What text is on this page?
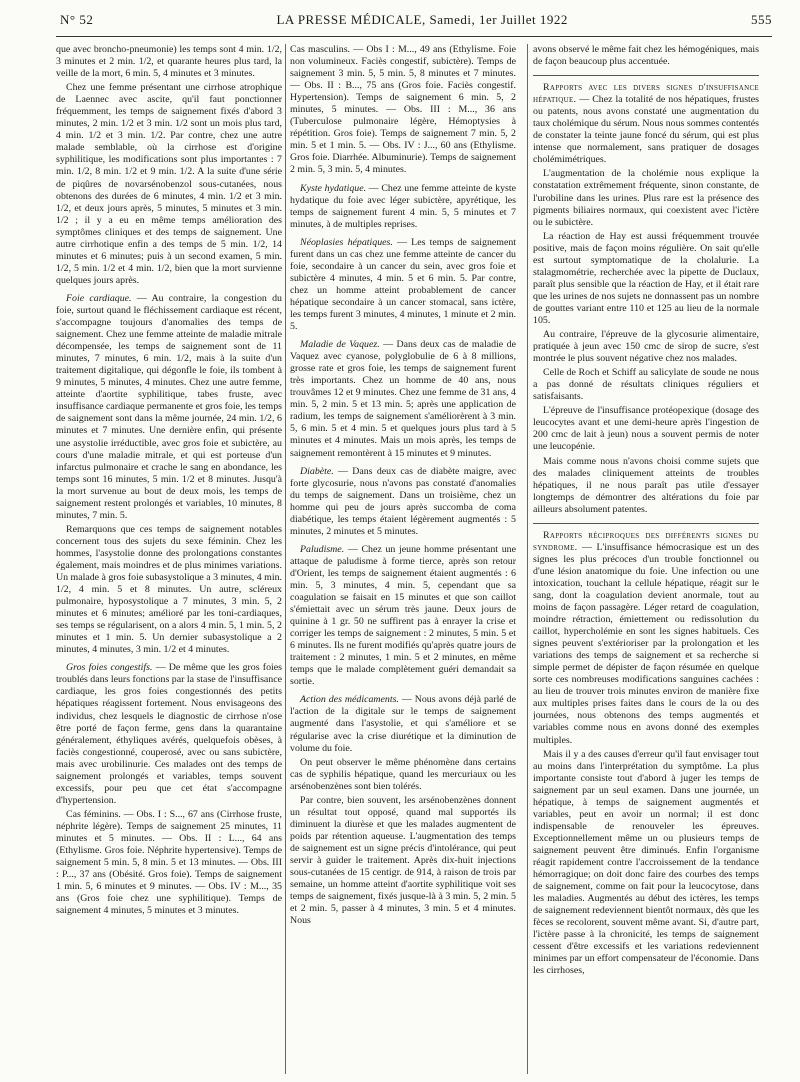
N° 52	LA PRESSE MÉDICALE, Samedi, 1er Juillet 1922	555

que avec broncho-pneumonie) les temps sont 4 min. 1/2, 3 minutes et 2 min. 1/2, et quarante heures plus tard, la veille de la mort, 6 min. 5, 4 minutes et 3 minutes.

Chez une femme présentant une cirrhose atrophique de Laennec avec ascite, qu'il faut ponctionner fréquemment, les temps de saignement fixés d'abord 3 minutes, 2 min. 1/2 et 3 min. 1/2 sont un mois plus tard, 4 min. 1/2 et 3 min. 1/2. Par contre, chez une autre malade semblable, où la cirrhose est d'origine syphilitique, les modifications sont plus importantes : 7 min. 1/2, 8 min. 1/2 et 9 min. 1/2. A la suite d'une série de piqûres de novarsénobenzol sous-cutanées, nous obtenons des durées de 6 minutes, 4 min. 1/2 et 3 min. 1/2, et deux jours après, 5 minutes, 5 minutes et 3 min. 1/2 ; il y a eu en même temps amélioration des symptômes cliniques et des temps de saignement. Une autre cirrhotique enfin a des temps de 5 min. 1/2, 14 minutes et 6 minutes; puis à un second examen, 5 min. 1/2, 5 min. 1/2 et 4 min. 1/2, bien que la mort survienne quelques jours après.

Foie cardiaque. — Au contraire, la congestion du foie, surtout quand le fléchissement cardiaque est récent, s'accompagne toujours d'anomalies des temps de saignement. Chez une femme atteinte de maladie mitrale décompensée, les temps de saignement sont de 11 minutes, 7 minutes, 6 min. 1/2, mais à la suite d'un traitement digitalique, qui dégonfle le foie, ils tombent à 9 minutes, 5 minutes, 4 minutes. Chez une autre femme, atteinte d'aortite syphilitique, tabes fruste, avec insuffisance cardiaque permanente et gros foie, les temps de saignement sont dans la même journée, 24 min. 1/2, 6 minutes et 7 minutes. Une dernière enfin, qui présente une asystolie irréductible, avec gros foie et subictère, au cours d'une maladie mitrale, et qui est porteuse d'un infarctus pulmonaire et crache le sang en abondance, les temps sont 16 minutes, 5 min. 1/2 et 8 minutes. Jusqu'à la mort survenue au bout de deux mois, les temps de saignement restent prolongés et variables, 10 minutes, 8 minutes, 7 min. 5.

Remarquons que ces temps de saignement notables concernent tous des sujets du sexe féminin. Chez les hommes, l'asystolie donne des prolongations constantes également, mais moindres et de plus minimes variations. Un malade à gros foie subasystolique a 3 minutes, 4 min. 1/2, 4 min. 5 et 8 minutes. Un autre, scléreux pulmonaire, hyposystolique a 7 minutes, 3 min. 5, 2 minutes et 6 minutes; amélioré par les toni-cardiaques, ses temps se régularisent, on a alors 4 min. 5, 1 min. 5, 2 minutes et 1 min. 5. Un dernier subasystolique a 2 minutes, 4 minutes, 3 min. 1/2 et 4 minutes.

Gros foies congestifs. — De même que les gros foies troublés dans leurs fonctions par la stase de l'insuffisance cardiaque, les gros foies congestionnés des petits hépatiques réagissent fortement. Nous envisageons des individus, chez lesquels le diagnostic de cirrhose n'ose être porté de façon ferme, gens dans la quarantaine généralement, éthyliques avérés, quelquefois obèses, à faciès congestionné, couperosé, avec ou sans subictère, mais avec urobilinurie. Ces malades ont des temps de saignement prolongés et variables, temps souvent excessifs, pour peu que cet état s'accompagne d'hypertension.

Cas féminins. — Obs. I : S..., 67 ans (Cirrhose fruste, néphrite légère). Temps de saignement 25 minutes, 11 minutes et 5 minutes. — Obs. II : L..., 64 ans (Ethylisme. Gros foie. Néphrite hypertensive). Temps de saignement 5 min. 5, 8 min. 5 et 13 minutes. — Obs. III : P..., 37 ans (Obésité. Gros foie). Temps de saignement 1 min. 5, 6 minutes et 9 minutes. — Obs. IV : M..., 35 ans (Gros foie chez une syphilitique). Temps de saignement 4 minutes, 5 minutes et 3 minutes.

Cas masculins. — Obs I : M..., 49 ans (Ethylisme. Foie non volumineux. Faciès congestif, subictère). Temps de saignement 3 min. 5, 5 min. 5, 8 minutes et 7 minutes. — Obs. II : B..., 75 ans (Gros foie. Faciès congestif. Hypertension). Temps de saignement 6 min. 5, 2 minutes, 5 minutes. — Obs. III : M..., 36 ans (Tuberculose pulmonaire légère, Hémoptysies à répétition. Gros foie). Temps de saignement 7 min. 5, 2 min. 5 et 1 min. 5. — Obs. IV : J..., 60 ans (Ethylisme. Gros foie. Diarrhée. Albuminurie). Temps de saignement 2 min. 5, 3 min. 5, 4 minutes.

Kyste hydatique. — Chez une femme atteinte de kyste hydatique du foie avec léger subictère, apyrétique, les temps de saignement furent 4 min. 5, 5 minutes et 7 minutes, à de multiples reprises.

Néoplasies hépatiques. — Les temps de saignement furent dans un cas chez une femme atteinte de cancer du foie, secondaire à un cancer du sein, avec gros foie et subictère 4 minutes, 4 min. 5 et 6 min. 5. Par contre, chez un homme atteint probablement de cancer hépatique secondaire à un cancer stomacal, sans ictère, les temps furent 3 minutes, 4 minutes, 1 minute et 2 min. 5.

Maladie de Vaquez. — Dans deux cas de maladie de Vaquez avec cyanose, polyglobulie de 6 à 8 millions, grosse rate et gros foie, les temps de saignement furent très importants. Chez un homme de 40 ans, nous trouvâmes 12 et 9 minutes. Chez une femme de 31 ans, 4 min. 5, 2 min. 5 et 13 min. 5; après une application de radium, les temps de saignement s'améliorèrent à 3 min. 5, 6 min. 5 et 4 min. 5 et quelques jours plus tard à 5 minutes et 4 minutes. Mais un mois après, les temps de saignement remontèrent à 15 minutes et 9 minutes.

Diabète. — Dans deux cas de diabète maigre, avec forte glycosurie, nous n'avons pas constaté d'anomalies du temps de saignement. Dans un troisième, chez un homme qui peu de jours après succomba de coma diabétique, les temps étaient légèrement augmentés : 5 minutes, 2 minutes et 5 minutes.

Paludisme. — Chez un jeune homme présentant une attaque de paludisme à forme tierce, après son retour d'Orient, les temps de saignement étaient augmentés : 6 min. 5, 3 minutes, 4 min. 5, cependant que sa coagulation se faisait en 15 minutes et que son caillot s'émiettait avec un sérum très jaune. Deux jours de quinine à 1 gr. 50 ne suffirent pas à enrayer la crise et corriger les temps de saignement : 2 minutes, 5 min. 5 et 6 minutes. Ils ne furent modifiés qu'après quatre jours de traitement : 2 minutes, 1 min. 5 et 2 minutes, en même temps que le malade complètement guéri demandait sa sortie.

Action des médicaments. — Nous avons déjà parlé de l'action de la digitale sur le temps de saignement augmenté dans l'asystolie, et qui s'améliore et se régularise avec la crise diurétique et la diminution de volume du foie.

On peut observer le même phénomène dans certains cas de syphilis hépatique, quand les mercuriaux ou les arsénobenzènes sont bien tolérés.

Par contre, bien souvent, les arsénobenzènes donnent un résultat tout opposé, quand mal supportés ils diminuent la diurèse et que les malades augmentent de poids par rétention aqueuse. L'augmentation des temps de saignement est un signe précis d'intolérance, qui peut servir à guider le traitement. Après dix-huit injections sous-cutanées de 15 centigr. de 914, à raison de trois par semaine, un homme atteint d'aortite syphilitique voit ses temps de saignement, fixés jusque-là à 3 min. 5, 2 min. 5 et 2 min. 5, passer à 4 minutes, 3 min. 5 et 4 minutes. Nous

avons observé le même fait chez les hémogéniques, mais de façon beaucoup plus accentuée.

Rapports avec les divers signes d'insuffisance hépatique. — Chez la totalité de nos hépatiques, frustes ou patents, nous avons constaté une augmentation du taux cholémique du sérum. Nous nous sommes contentés de constater la teinte jaune foncé du sérum, qui est plus intense que normalement, sans pratiquer de dosages cholémimétriques.

L'augmentation de la cholémie nous explique la constatation extrêmement fréquente, sinon constante, de l'urobiline dans les urines. Plus rare est la présence des pigments biliaires normaux, qui coexistent avec l'ictère ou le subictère.

La réaction de Hay est aussi fréquemment trouvée positive, mais de façon moins régulière. On sait qu'elle est surtout symptomatique de la cholalurie. La stalagmométrie, recherchée avec la pipette de Duclaux, paraît plus sensible que la réaction de Hay, et il était rare que les urines de nos sujets ne donnassent pas un nombre de gouttes variant entre 110 et 125 au lieu de la normale 105.

Au contraire, l'épreuve de la glycosurie alimentaire, pratiquée à jeun avec 150 cmc de sirop de sucre, s'est montrée le plus souvent négative chez nos malades.

Celle de Roch et Schiff au salicylate de soude ne nous a pas donné de résultats cliniques réguliers et satisfaisants.

L'épreuve de l'insuffisance protéopexique (dosage des leucocytes avant et une demi-heure après l'ingestion de 200 cmc de lait à jeun) nous a souvent permis de noter une leucopénie.

Mais comme nous n'avons choisi comme sujets que des malades cliniquement atteints de troubles hépatiques, il ne nous paraît pas utile d'essayer longtemps de démontrer des altérations du foie par ailleurs absolument patentes.

Rapports réciproques des différents signes du syndrome. — L'insuffisance hémocrasique est un des signes les plus précoces d'un trouble fonctionnel ou d'une lésion anatomique du foie. Une infection ou une intoxication, touchant la cellule hépatique, réagit sur le sang, dont la coagulation devient anormale, tout au moins de façon passagère. Léger retard de coagulation, moindre rétraction, émiettement ou redissolution du caillot, hypercholémie en sont les signes habituels. Ces signes peuvent s'extérioriser par la prolongation et les variations des temps de saignement et sa recherche si simple permet de dépister de façon résumée en quelque sorte ces nombreuses modifications sanguines cachées : au lieu de trouver trois minutes environ de manière fixe aux multiples prises faites dans le cours de la ou des journées, nous obtenons des temps augmentés et variables comme nous en avons donné des exemples multiples.

Mais il y a des causes d'erreur qu'il faut envisager tout au moins dans l'interprétation du symptôme. La plus importante consiste tout d'abord à juger les temps de saignement par un seul examen. Dans une journée, un hépatique, à temps de saignement augmentés et variables, peut en avoir un normal; il est donc indispensable de renouveler les épreuves. Exceptionnellement même un ou plusieurs temps de saignement peuvent être diminués. Enfin l'organisme réagit rapidement contre l'accroissement de la tendance hémorragique; on doit donc faire des courbes des temps de saignement, comme on fait pour la leucocytose, dans les maladies. Augmentés au début des ictères, les temps de saignement redeviennent bientôt normaux, dès que les fèces se recolorent, souvent même avant. Si, d'autre part, l'ictère passe à la chronicité, les temps de saignement cessent d'être excessifs et les variations redeviennent minimes par un effort compensateur de l'économie. Dans les cirrhoses,
